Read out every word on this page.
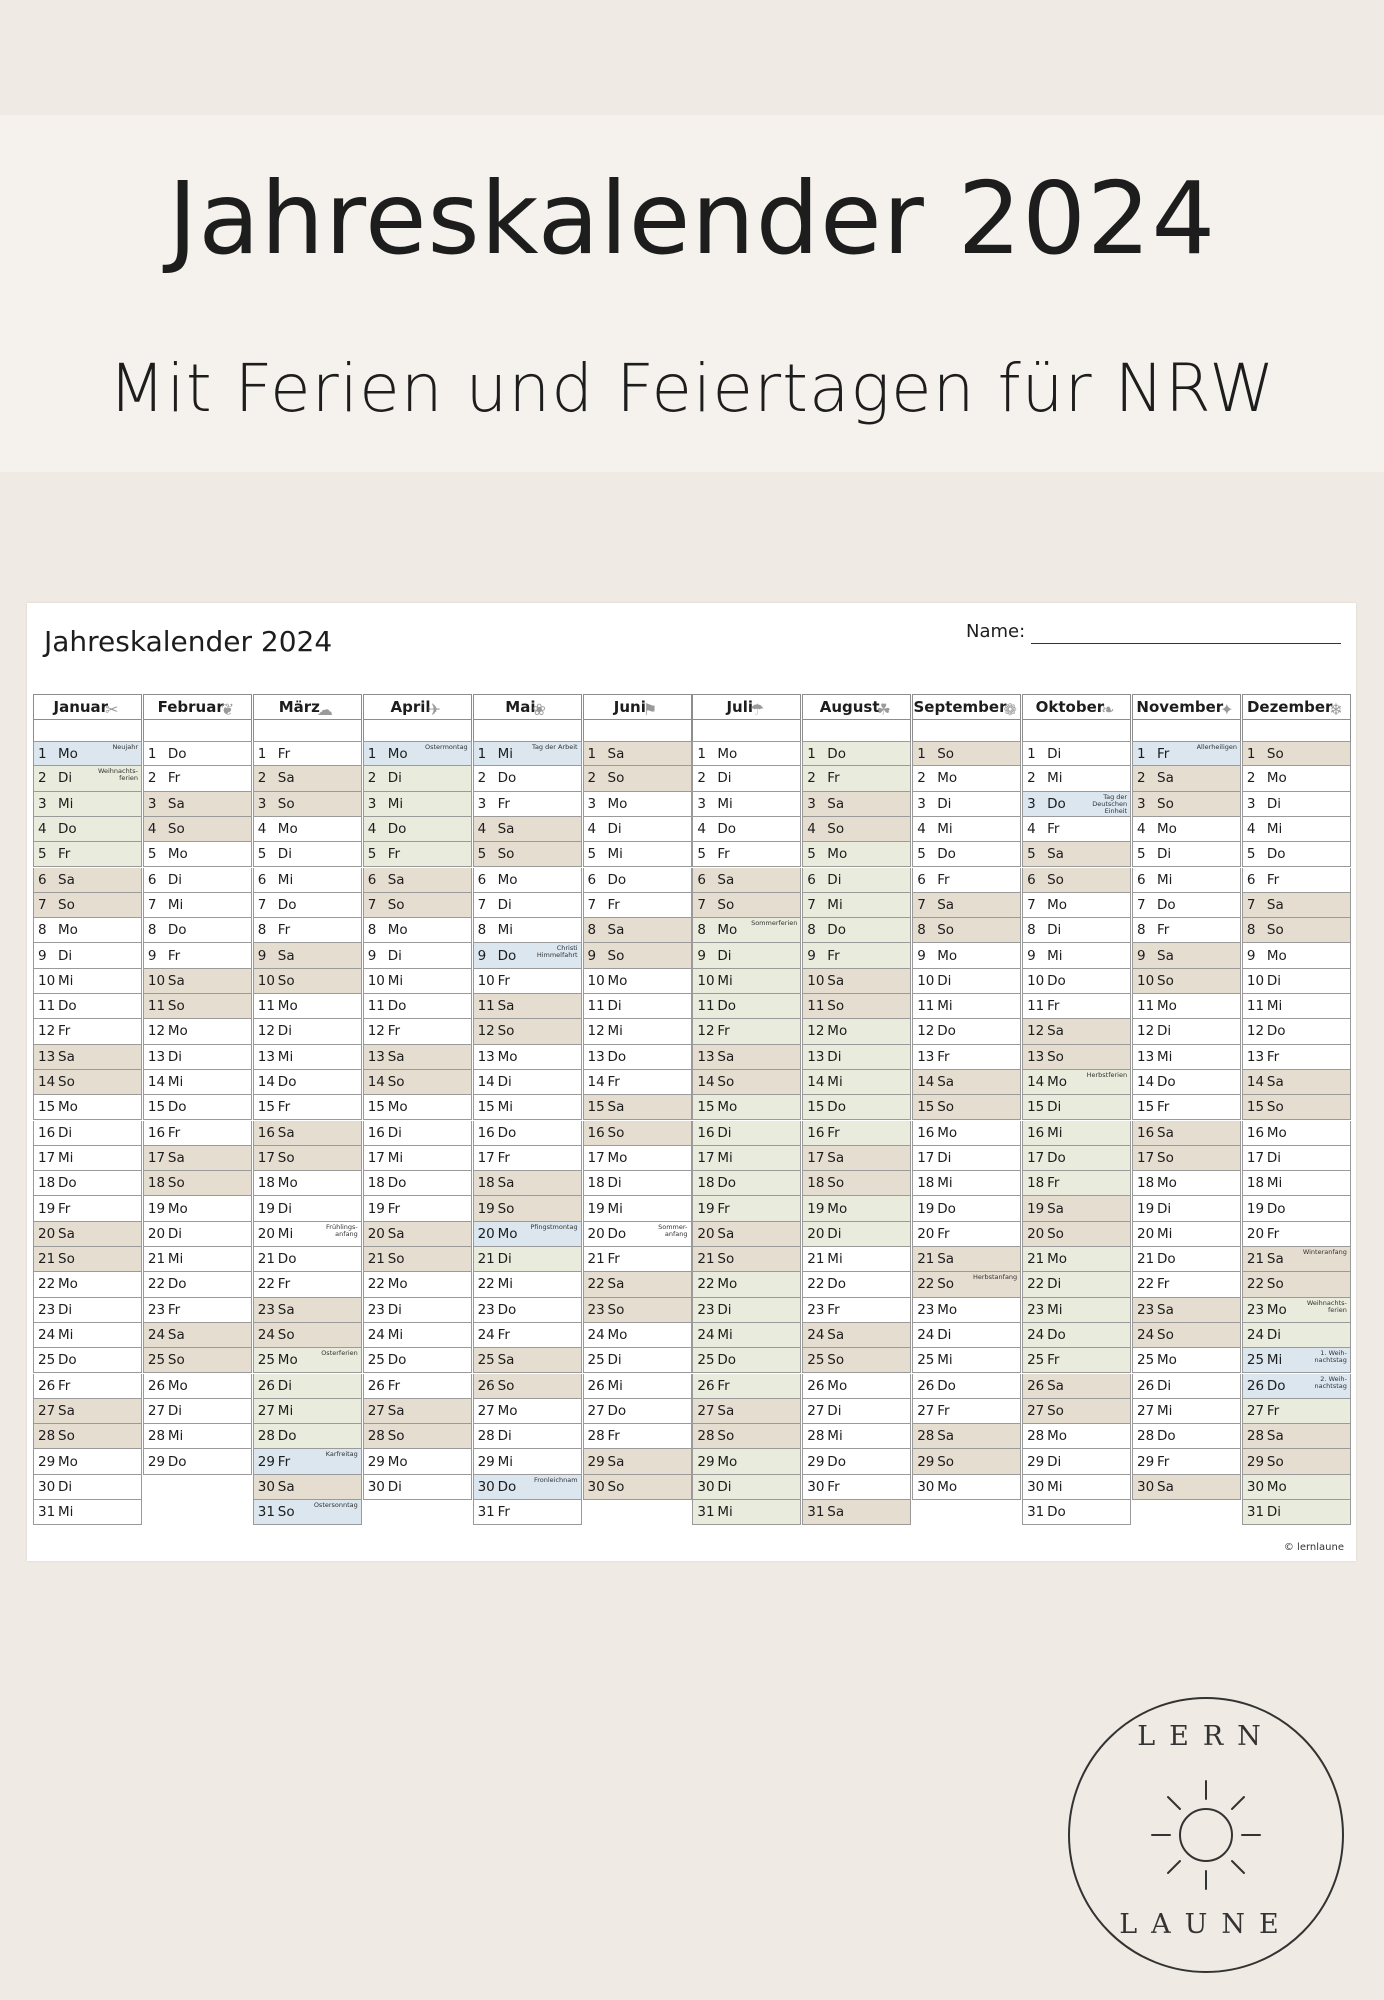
Jahreskalender 2024
Mit Ferien und Feiertagen für NRW
Jahreskalender 2024	Name:
Januar
✂
1 Mo	Neujahr
2 Di	Weihnachts-
ferien
3 Mi
4 Do
5 Fr
6 Sa
7 So
8 Mo
9 Di
10 Mi
11 Do
12 Fr
13 Sa
14 So
15 Mo
16 Di
17 Mi
18 Do
19 Fr
20 Sa
21 So
22 Mo
23 Di
24 Mi
25 Do
26 Fr
27 Sa
28 So
29 Mo
30 Di
31 Mi
Februar
❦
1 Do
2 Fr
3 Sa
4 So
5 Mo
6 Di
7 Mi
8 Do
9 Fr
10 Sa
11 So
12 Mo
13 Di
14 Mi
15 Do
16 Fr
17 Sa
18 So
19 Mo
20 Di
21 Mi
22 Do
23 Fr
24 Sa
25 So
26 Mo
27 Di
28 Mi
29 Do
März
☁
1 Fr
2 Sa
3 So
4 Mo
5 Di
6 Mi
7 Do
8 Fr
9 Sa
10 So
11 Mo
12 Di
13 Mi
14 Do
15 Fr
16 Sa
17 So
18 Mo
19 Di
20 Mi	Frühlings-
anfang
21 Do
22 Fr
23 Sa
24 So
25 Mo	Osterferien
26 Di
27 Mi
28 Do
29 Fr	Karfreitag
30 Sa
31 So	Ostersonntag
April
✈
1 Mo	Ostermontag
2 Di
3 Mi
4 Do
5 Fr
6 Sa
7 So
8 Mo
9 Di
10 Mi
11 Do
12 Fr
13 Sa
14 So
15 Mo
16 Di
17 Mi
18 Do
19 Fr
20 Sa
21 So
22 Mo
23 Di
24 Mi
25 Do
26 Fr
27 Sa
28 So
29 Mo
30 Di
Mai
❀
1 Mi	Tag der Arbeit
2 Do
3 Fr
4 Sa
5 So
6 Mo
7 Di
8 Mi
9 Do	Christi
Himmelfahrt
10 Fr
11 Sa
12 So
13 Mo
14 Di
15 Mi
16 Do
17 Fr
18 Sa
19 So
20 Mo Pfingstmontag
21 Di
22 Mi
23 Do
24 Fr
25 Sa
26 So
27 Mo
28 Di
29 Mi
30 Do	Fronleichnam
31 Fr
Juni
⚑
1 Sa
2 So
3 Mo
4 Di
5 Mi
6 Do
7 Fr
8 Sa
9 So
10 Mo
11 Di
12 Mi
13 Do
14 Fr
15 Sa
16 So
17 Mo
18 Di
19 Mi
20 Do	Sommer-
anfang
21 Fr
22 Sa
23 So
24 Mo
25 Di
26 Mi
27 Do
28 Fr
29 Sa
30 So
Juli
☂
1 Mo
2 Di
3 Mi
4 Do
5 Fr
6 Sa
7 So
8 Mo Sommerferien
9 Di
10 Mi
11 Do
12 Fr
13 Sa
14 So
15 Mo
16 Di
17 Mi
18 Do
19 Fr
20 Sa
21 So
22 Mo
23 Di
24 Mi
25 Do
26 Fr
27 Sa
28 So
29 Mo
30 Di
31 Mi
August
☘
1 Do
2 Fr
3 Sa
4 So
5 Mo
6 Di
7 Mi
8 Do
9 Fr
10 Sa
11 So
12 Mo
13 Di
14 Mi
15 Do
16 Fr
17 Sa
18 So
19 Mo
20 Di
21 Mi
22 Do
23 Fr
24 Sa
25 So
26 Mo
27 Di
28 Mi
29 Do
30 Fr
31 Sa
September
❁
1 So
2 Mo
3 Di
4 Mi
5 Do
6 Fr
7 Sa
8 So
9 Mo
10 Di
11 Mi
12 Do
13 Fr
14 Sa
15 So
16 Mo
17 Di
18 Mi
19 Do
20 Fr
21 Sa
22 So	Herbstanfang
23 Mo
24 Di
25 Mi
26 Do
27 Fr
28 Sa
29 So
30 Mo
Oktober
❧
1 Di
2 Mi
3 Do	Tag der Deutschen
Einheit
4 Fr
5 Sa
6 So
7 Mo
8 Di
9 Mi
10 Do
11 Fr
12 Sa
13 So
14 Mo	Herbstferien
15 Di
16 Mi
17 Do
18 Fr
19 Sa
20 So
21 Mo
22 Di
23 Mi
24 Do
25 Fr
26 Sa
27 So
28 Mo
29 Di
30 Mi
31 Do
November
✦
1 Fr	Allerheiligen
2 Sa
3 So
4 Mo
5 Di
6 Mi
7 Do
8 Fr
9 Sa
10 So
11 Mo
12 Di
13 Mi
14 Do
15 Fr
16 Sa
17 So
18 Mo
19 Di
20 Mi
21 Do
22 Fr
23 Sa
24 So
25 Mo
26 Di
27 Mi
28 Do
29 Fr
30 Sa
Dezember
❄
1 So
2 Mo
3 Di
4 Mi
5 Do
6 Fr
7 Sa
8 So
9 Mo
10 Di
11 Mi
12 Do
13 Fr
14 Sa
15 So
16 Mo
17 Di
18 Mi
19 Do
20 Fr
21 Sa	Winteranfang
22 So
23 Mo	Weihnachts-
ferien
24 Di
25 Mi	1. Weih-
nachtstag
26 Do	2. Weih-
nachtstag
27 Fr
28 Sa
29 So
30 Mo
31 Di
© lernlaune
LERN
LAUNE
